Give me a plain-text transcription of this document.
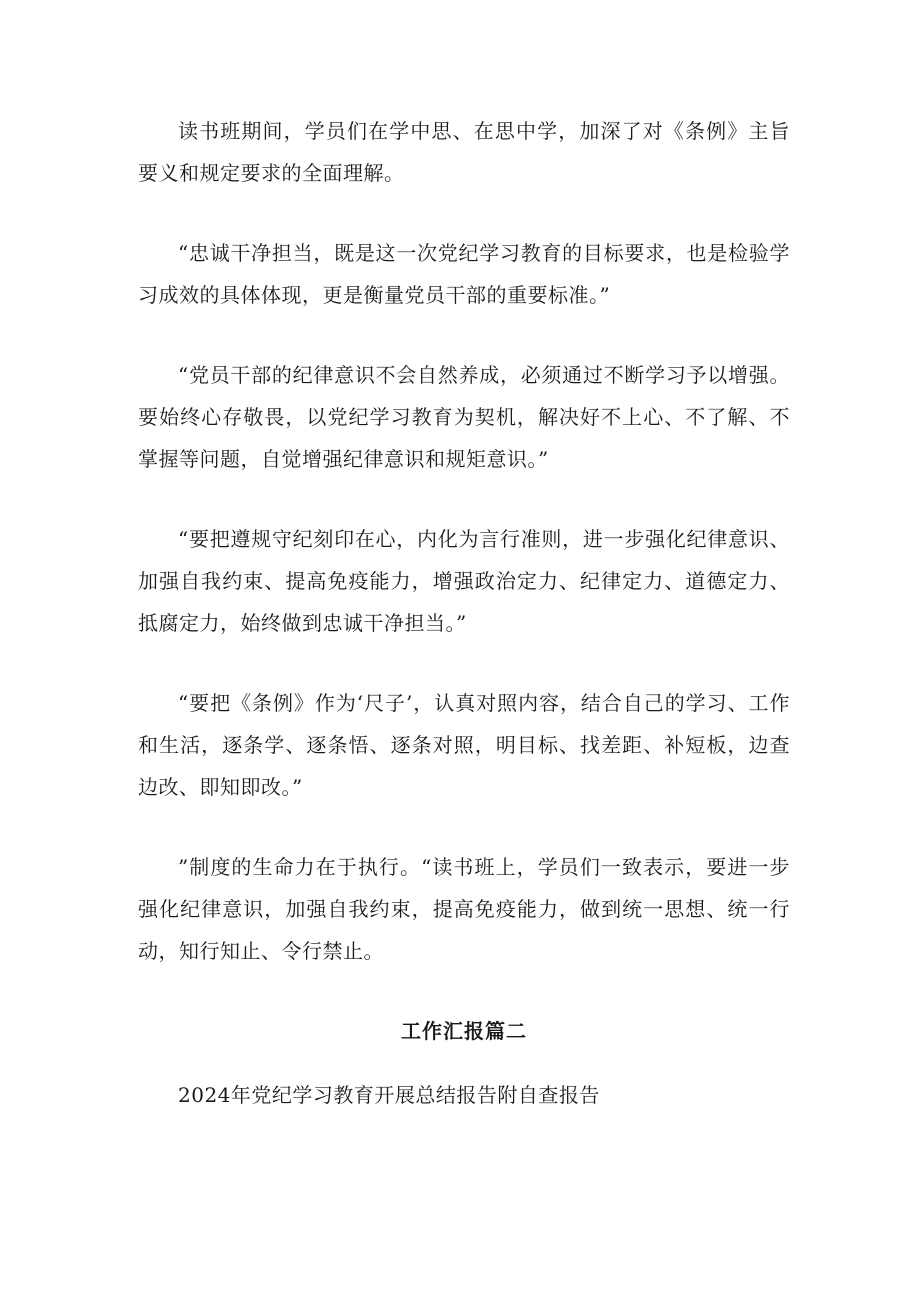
读书班期间，学员们在学中思、在思中学，加深了对《条例》主旨要义和规定要求的全面理解。

“忠诚干净担当，既是这一次党纪学习教育的目标要求，也是检验学习成效的具体体现，更是衡量党员干部的重要标准。”

“党员干部的纪律意识不会自然养成，必须通过不断学习予以增强。要始终心存敬畏，以党纪学习教育为契机，解决好不上心、不了解、不掌握等问题，自觉增强纪律意识和规矩意识。”

“要把遵规守纪刻印在心，内化为言行准则，进一步强化纪律意识、加强自我约束、提高免疫能力，增强政治定力、纪律定力、道德定力、抵腐定力，始终做到忠诚干净担当。”

“要把《条例》作为‘尺子’，认真对照内容，结合自己的学习、工作和生活，逐条学、逐条悟、逐条对照，明目标、找差距、补短板，边查边改、即知即改。”

”制度的生命力在于执行。“读书班上，学员们一致表示，要进一步强化纪律意识，加强自我约束，提高免疫能力，做到统一思想、统一行动，知行知止、令行禁止。

工作汇报篇二

2024年党纪学习教育开展总结报告附自查报告
